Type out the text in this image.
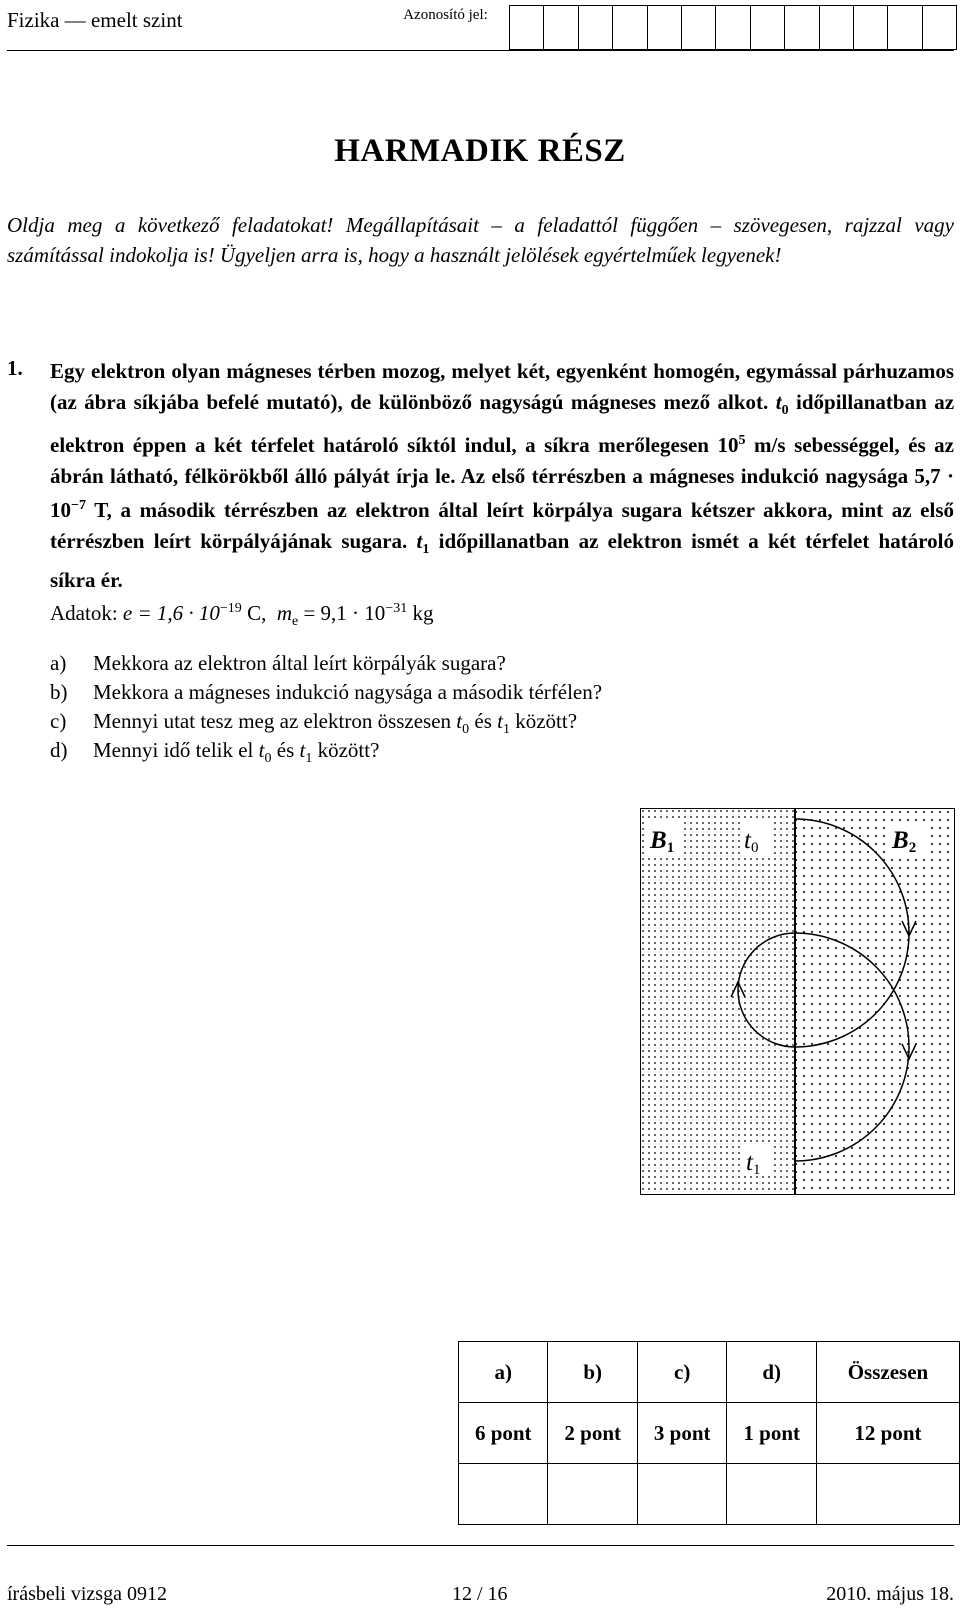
Fizika — emelt szint	Azonosító jel:
HARMADIK RÉSZ
Oldja meg a következő feladatokat! Megállapításait – a feladattól függően – szövegesen, rajzzal vagy számítással indokolja is! Ügyeljen arra is, hogy a használt jelölések egyértelműek legyenek!
1. Egy elektron olyan mágneses térben mozog, melyet két, egyenként homogén, egymással párhuzamos (az ábra síkjába befelé mutató), de különböző nagyságú mágneses mező alkot. $t_0$ időpillanatban az elektron éppen a két térfelet határoló síktól indul, a síkra merőlegesen $10^5$ m/s sebességgel, és az ábrán látható, félkörökből álló pályát írja le. Az első térrészben a mágneses indukció nagysága $5,7 \cdot 10^{-7}$ T, a második térrészben az elektron által leírt körpálya sugara kétszer akkora, mint az első térrészben leírt körpályájának sugara. $t_1$ időpillanatban az elektron ismét a két térfelet határoló síkra ér.
Adatok: $e = 1,6 \cdot 10^{-19}$ C, $m_e = 9,1 \cdot 10^{-31}$ kg
a) Mekkora az elektron által leírt körpályák sugara?
b) Mekkora a mágneses indukció nagysága a második térfélen?
c) Mennyi utat tesz meg az elektron összesen $t_0$ és $t_1$ között?
d) Mennyi idő telik el $t_0$ és $t_1$ között?
B1	t0	B2
t1
a)	b)	c)	d)	Összesen
6 pont	2 pont	3 pont	1 pont	12 pont

írásbeli vizsga 0912	12 / 16	2010. május 18.
